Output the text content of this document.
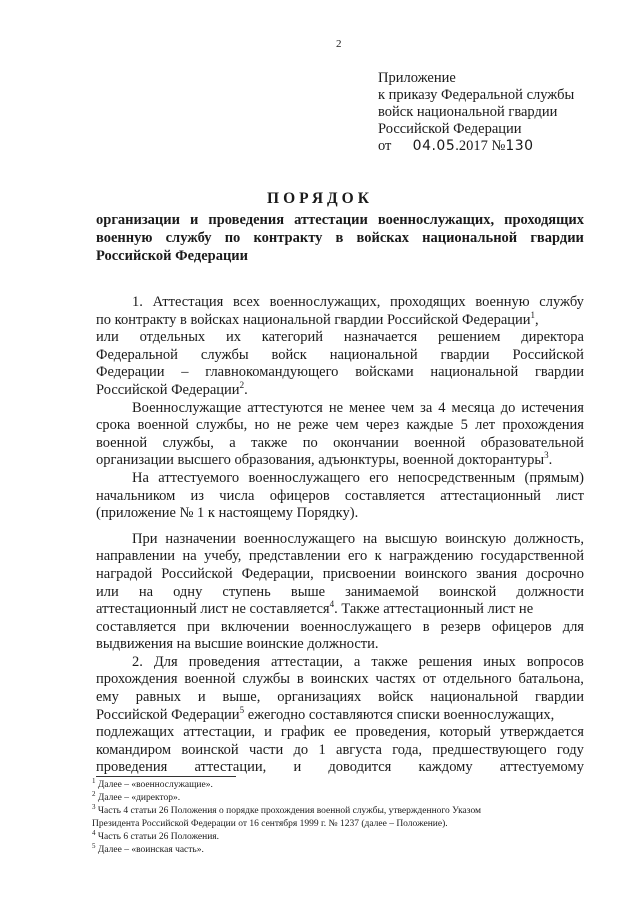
2
Приложение
к приказу Федеральной службы
войск национальной гвардии
Российской Федерации
от 04.05.2017 №130
ПОРЯДОК
организации и проведения аттестации военнослужащих, проходящих
военную службу по контракту в войсках национальной гвардии
Российской Федерации
1. Аттестация всех военнослужащих, проходящих военную службу
по контракту в войсках национальной гвардии Российской Федерации$^1$,
или отдельных их категорий назначается решением директора
Федеральной службы войск национальной гвардии Российской
Федерации – главнокомандующего войсками национальной гвардии
Российской Федерации$^2$.
Военнослужащие аттестуются не менее чем за 4 месяца до истечения
срока военной службы, но не реже чем через каждые 5 лет прохождения
военной службы, а также по окончании военной образовательной
организации высшего образования, адъюнктуры, военной докторантуры$^3$.
На аттестуемого военнослужащего его непосредственным (прямым)
начальником из числа офицеров составляется аттестационный лист
(приложение № 1 к настоящему Порядку).
При назначении военнослужащего на высшую воинскую должность,
направлении на учебу, представлении его к награждению государственной
наградой Российской Федерации, присвоении воинского звания досрочно
или на одну ступень выше занимаемой воинской должности
аттестационный лист не составляется$^4$. Также аттестационный лист не
составляется при включении военнослужащего в резерв офицеров для
выдвижения на высшие воинские должности.
2. Для проведения аттестации, а также решения иных вопросов
прохождения военной службы в воинских частях от отдельного батальона,
ему равных и выше, организациях войск национальной гвардии
Российской Федерации$^5$ ежегодно составляются списки военнослужащих,
подлежащих аттестации, и график ее проведения, который утверждается
командиром воинской части до 1 августа года, предшествующего году
проведения аттестации, и доводится каждому аттестуемому
$^1$ Далее – «военнослужащие».
$^2$ Далее – «директор».
$^3$ Часть 4 статьи 26 Положения о порядке прохождения военной службы, утвержденного Указом
Президента Российской Федерации от 16 сентября 1999 г. № 1237 (далее – Положение).
$^4$ Часть 6 статьи 26 Положения.
$^5$ Далее – «воинская часть».
